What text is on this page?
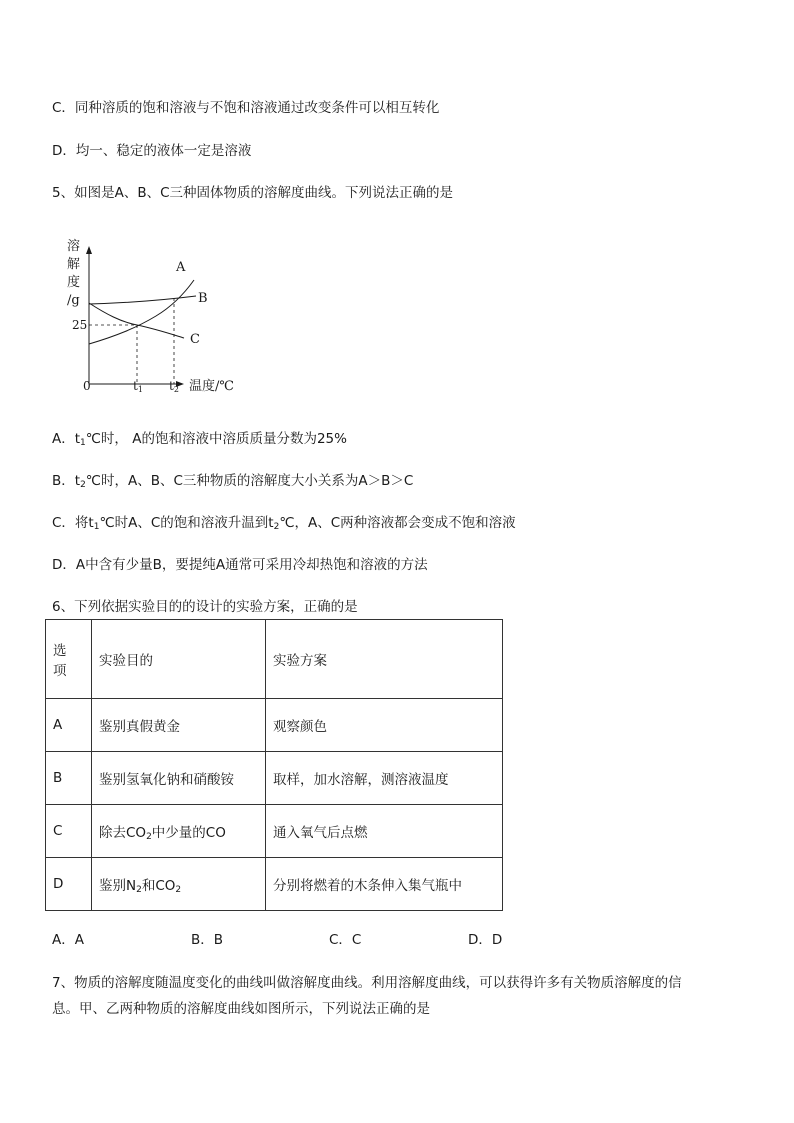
C．同种溶质的饱和溶液与不饱和溶液通过改变条件可以相互转化
D．均一、稳定的液体一定是溶液
5、如图是A、B、C三种固体物质的溶解度曲线。下列说法正确的是
溶
解
度
/g
25
0	t1 t2 温度/℃
A
B
C
A．t1℃时， A的饱和溶液中溶质质量分数为25%
B．t2℃时，A、B、C三种物质的溶解度大小关系为A＞B＞C
C．将t1℃时A、C的饱和溶液升温到t2℃，A、C两种溶液都会变成不饱和溶液
D．A中含有少量B，要提纯A通常可采用冷却热饱和溶液的方法
6、下列依据实验目的的设计的实验方案，正确的是
选
项	实验目的	实验方案
A	鉴别真假黄金	观察颜色
B	鉴别氢氧化钠和硝酸铵	取样，加水溶解，测溶液温度
C	除去CO2中少量的CO	通入氧气后点燃
D	鉴别N2和CO2	分别将燃着的木条伸入集气瓶中
A．A	B．B	C．C	D．D
7、物质的溶解度随温度变化的曲线叫做溶解度曲线。利用溶解度曲线，可以获得许多有关物质溶解度的信
息。甲、乙两种物质的溶解度曲线如图所示，下列说法正确的是
